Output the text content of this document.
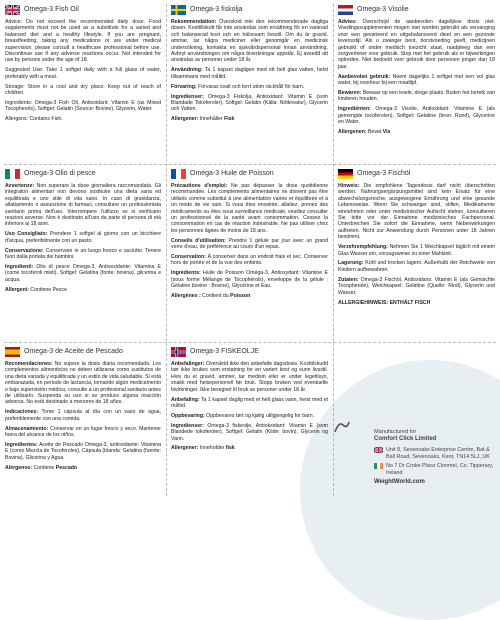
Omega-3 Fish Oil

Advice: Do not exceed the recommended daily dose. Food supplements must not be used as a substitute for a varied and balanced diet and a healthy lifestyle. If you are pregnant, breastfeeding, taking any medications or are under medical supervision, please consult a healthcare professional before use. Discontinue use if any adverse reactions occur. Not intended for use by persons under the age of 18.

Suggested Use: Take 1 softgel daily with a full glass of water, preferably with a meal.

Storage: Store in a cool and dry place. Keep out of reach of children.

Ingredients: Omega-3 Fish Oil, Antioxidant: Vitamin E (as Mixed Tocopherols), Softgel: Gelatin (Source: Bovine), Glycerin, Water.

Allergens: Contains Fish.

Omega-3 fiskolja

Rekommendation: Överskrid inte den rekommenderade dagliga dosen. Kosttillskott får inte användas som ersättning för en varierad och balanserad kost och en hälsosam livsstil. Om du är gravid, ammar, tar några mediciner eller genomgår en medicinsk undersökning, kontakta en sjukvårdspersonal innan användning. Avbryt användningen om några biverkningar uppstår. Ej avsedd att användas av personer under 18 år.

Användning: Ta 1 kapsel dagligen med ett helt glas vatten, helst tillsammans med måltid.

Förvaring: Förvaras svalt och torrt utom räckhåll för barn.

Ingredienser: Omega-3 Fiskolja, Antioxidant: Vitamin E (som Blandade Tokoferoler), Softgel: Gelatin (Källa: Nötkreatur), Glycerin och Vatten.

Allergener: Innehåller Fisk

Omega-3 Visolie

Advies: Overschrijd de aanbevolen dagelijkse dosis niet. Voedingssupplementen mogen niet worden gebruikt als vervanging voor een gevarieerd en uitgebalanceerd dieet en een gezonde levensstijl. Als u zwanger bent, borstvoeding geeft, medicijnen gebruikt of onder medisch toezicht staat, raadpleeg dan een zorgverlener voor gebruik. Stop met het gebruik als er bijwerkingen optreden. Niet bedoeld voor gebruik door personen jonger dan 18 jaar.

Aanbevolen gebruik: Neem dagelijks 1 softgel met een vol glas water, bij voorkeur bij een maaltijd.

Bewaren: Bewaar op een koele, droge plaats. Buiten het bereik van kinderen houden.

Ingrediënten: Omega-3 Visolie, Antioxidant: Vitamine E (als gemengde tocoferolen), Softgel: Gelatine (bron: Rund), Glycerine en Water.

Allergenen: Bevat Vis

Omega-3 Olio di pesce

Avvertenze: Non superare la dose giornaliera raccomandata. Gli integratori alimentari non devono sostituire una dieta varia ed equilibrata e uno stile di vita sano. In caso di gravidanza, allattamento o assunzione di farmaci, consultare un professionista sanitario prima dell'uso. Interrompere l'utilizzo se si verificano reazioni avverse. Non è destinato all'uso da parte di persone di età inferiore ai 18 anni.

Uso Consigliato: Prendere 1 softgel al giorno con un bicchiere d'acqua, preferibilmente con un pasto.

Conservazione: Conservare in un luogo fresco e asciutto. Tenere fuori dalla portata dei bambini.

Ingredienti: Olio di pesce Omega-3, Antiossidante: Vitamina E (come tocoferoli misti), Softgel: Gelatina (fonte: bovina), glicerina e acqua.

Allergeni: Contiene Pesce

Oméga-3 Huile de Poisson

Précautions d'emploi: Ne pas dépasser la dose quotidienne recommandée. Les compléments alimentaires ne doivent pas être utilisés comme substitut à une alimentation variée et équilibrée et à un mode de vie sain. Si vous êtes enceinte, allaitez, prenez des médicaments ou êtes sous surveillance médicale, veuillez consulter un professionnel de la santé avant consommation. Cessez la consommation en cas de réaction indésirable. Ne pas utiliser chez les personnes âgées de moins de 18 ans.

Conseils d'utilisation: Prendre 1 gélule par jour avec un grand verre d'eau, de préférence au cours d'un repas.

Conservation: À conserver dans un endroit frais et sec. Conserver hors de portée et de la vue des enfants.

Ingrédients: Huile de Poisson Oméga-3, Antioxydant: Vitamine E (sous forme Mélange de Tocophérols), enveloppe de la gélule : Gélatine bovine : Bovine), Glycérine et Eau.

Allergènes : Contient du Poisson

Omega-3 Fischöl

Hinweis: Die empfohlene Tagesdosis darf nicht überschritten werden. Nahrungsergänzungsmittel sind kein Ersatz für eine abwechslungsreiche, ausgewogene Ernährung und eine gesunde Lebensweise. Wenn Sie schwanger sind, stillen, Medikamente einnehmen oder unter medizinischer Aufsicht stehen, konsultieren Sie bitte vor der Einnahme medizinisches Fachpersonal. Unterbrechen Sie sofort die Einnahme, wenn Nebenwirkungen auftreten. Nicht zur Anwendung durch Personen unter 18 Jahren bestimmt.

Verzehrempfehlung: Nehmen Sie 1 Weichkapsel täglich mit einem Glas Wasser ein, vorzugsweise zu einer Mahlzeit.

Lagerung: Kühl und trocken lagern. Außerhalb der Reichweite von Kindern aufbewahren.

Zutaten: Omega-3 Fischöl, Antioxidans: Vitamin E (als Gemischte Tocopherole), Weichkapsel: Gelatine (Quelle: Rind), Glycerin und Wasser.

ALLERGIEHINWEIS: ENTHÄLT FISCH

Omega-3 de Aceite de Pescado

Recomendaciones: No supere la dosis diaria recomendada. Los complementos alimenticios no deben utilizarse como sustitutos de una dieta variada y equilibrada y un estilo de vida saludable. Si está embarazada, en período de lactancia, tomando algún medicamento o bajo supervisión médica, consulte a un profesional sanitario antes de utilizarlo. Suspenda su uso si se produce alguna reacción adversa. No está destinado a menores de 18 años.

Indicaciones: Tome 1 cápsula al día con un vaso de agua, preferiblemente con una comida.

Almacenamiento: Conservar en un lugar fresco y seco. Mantener fuera del alcance de los niños.

Ingredientes: Aceite de Pescado Omega-3, antioxidante: Vitamina E (como Mezcla de Tocoferoles), Cápsula (blanda: Gelatina (fuente: Bovina), Glicerina y Agua.

Alérgenos: Contiene Pescado

Omega-3 FISKEOLJE

Anbefalinger: Overskrid ikke den anbefalte dagsdosis. Kosttilskudd bør ikke brukes som erstatning for en variert kost og sunn livsstil. Hvis du er gravid, ammer, tar medisin eller er under legetilsyn, snakk med helsepersonell før bruk. Stopp bruken ved eventuelle bivirkninger. Ikke beregnet til bruk av personer under 18 år.

Anbefaling: Ta 1 kapsel daglig med et helt glass vann, helst med et måltid.

Oppbevaring: Oppbevares tørt og kjølig utilgjengelig for barn.

Ingredienser: Omega-3 fiskeolje, Antioksidant: Vitamin E (som Blandede tokoferoler), Softgel: Gelatin (Kilde: bovin), Glycerin og Vann.

Allergener: Inneholder fisk

Manufactured for
Comfort Click Limited
Unit 8, Sevenoaks Enterprise Centre, Bat & Ball Road, Sevenoaks, Kent, TN14 5LJ, UK
No 7 Dr Croke Place Clonmel, Co. Tipperary, Ireland
WeightWorld.com
